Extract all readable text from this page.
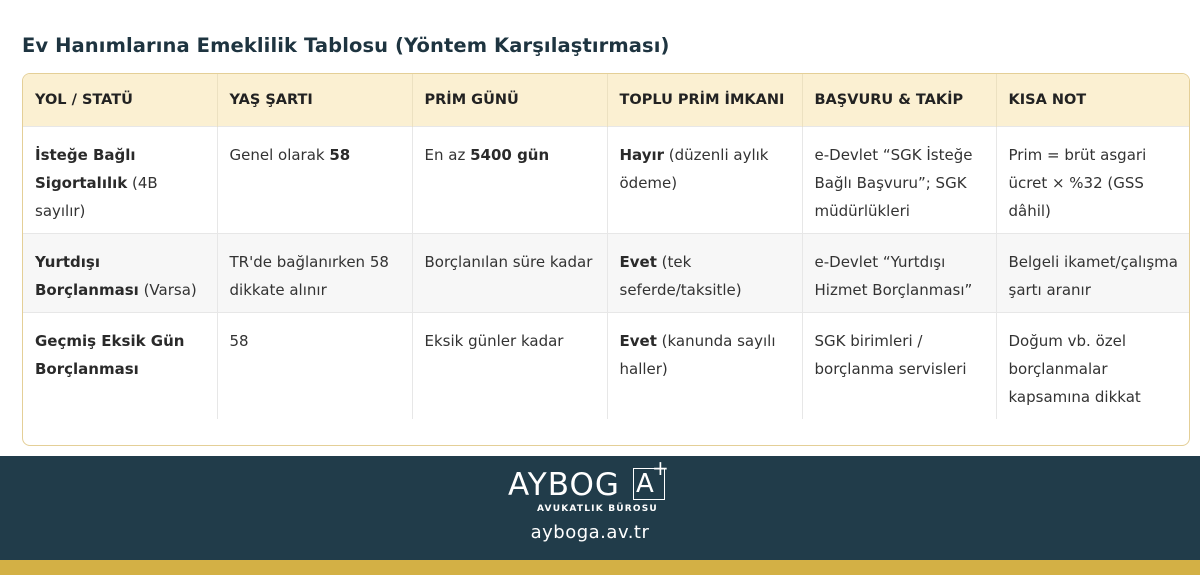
Ev Hanımlarına Emeklilik Tablosu (Yöntem Karşılaştırması)
YOL / STATÜ	YAŞ ŞARTI	PRİM GÜNÜ	TOPLU PRİM İMKANI	BAŞVURU & TAKİP	KISA NOT
İsteğe Bağlı Sigortalılık (4B sayılır)	Genel olarak 58	En az 5400 gün	Hayır (düzenli aylık ödeme)	e-Devlet “SGK İsteğe Bağlı Başvuru”; SGK müdürlükleri	Prim = brüt asgari ücret × %32 (GSS dâhil)
Yurtdışı Borçlanması (Varsa)	TR'de bağlanırken 58 dikkate alınır	Borçlanılan süre kadar	Evet (tek seferde/taksitle)	e-Devlet “Yurtdışı Hizmet Borçlanması”	Belgeli ikamet/çalışma şartı aranır
Geçmiş Eksik Gün Borçlanması	58	Eksik günler kadar	Evet (kanunda sayılı haller)	SGK birimleri / borçlanma servisleri	Doğum vb. özel borçlanmalar kapsamına dikkat
AYBOG A
+
AVUKATLIK BÜROSU
ayboga.av.tr
